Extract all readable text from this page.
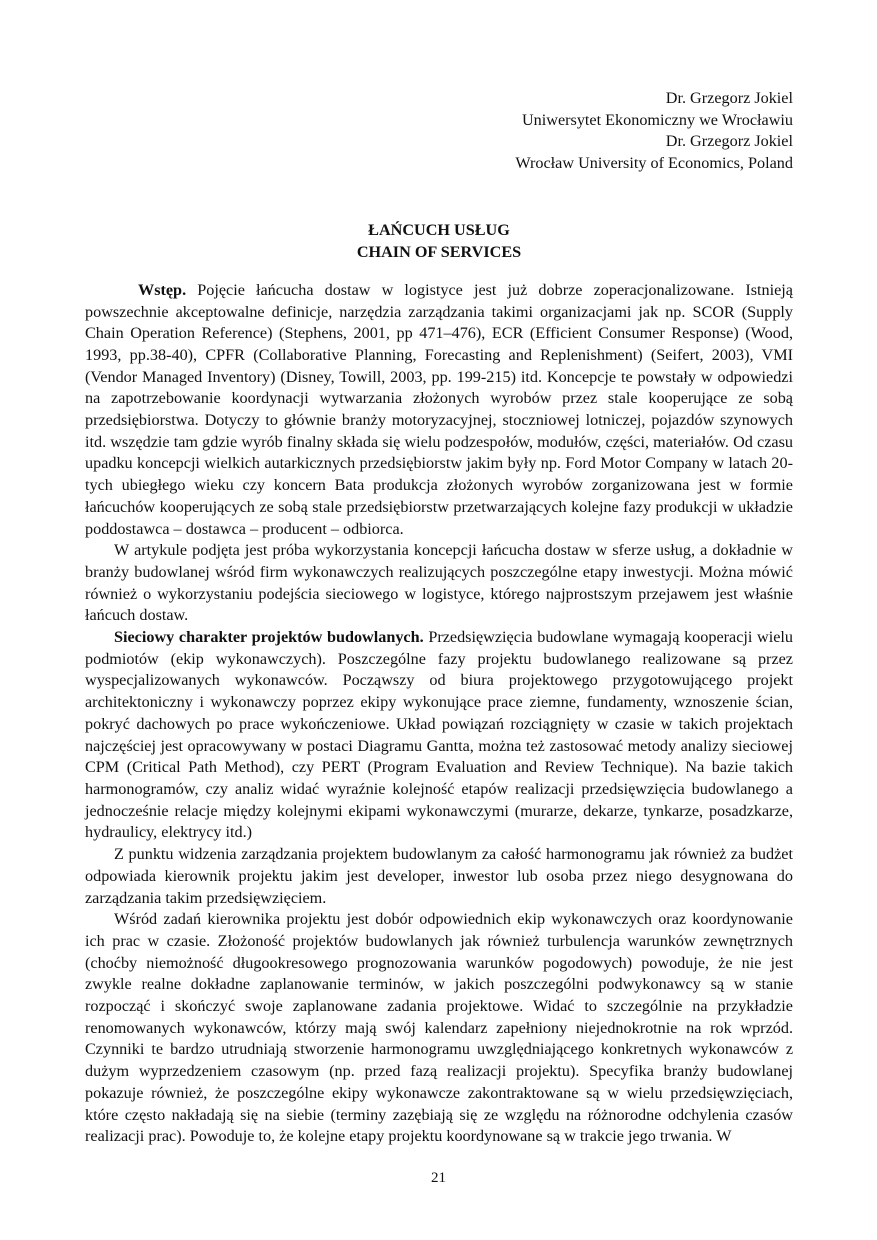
Dr. Grzegorz Jokiel
Uniwersytet Ekonomiczny we Wrocławiu
Dr. Grzegorz Jokiel
Wrocław University of Economics, Poland
ŁAŃCUCH USŁUG
CHAIN OF SERVICES

Wstęp. Pojęcie łańcucha dostaw w logistyce jest już dobrze zoperacjonalizowane. Istnieją powszechnie akceptowalne definicje, narzędzia zarządzania takimi organizacjami jak np. SCOR (Supply Chain Operation Reference) (Stephens, 2001, pp 471–476), ECR (Efficient Consumer Response) (Wood, 1993, pp.38-40), CPFR (Collaborative Planning, Forecasting and Replenishment) (Seifert, 2003), VMI (Vendor Managed Inventory) (Disney, Towill, 2003, pp. 199-215) itd. Koncepcje te powstały w odpowiedzi na zapotrzebowanie koordynacji wytwarzania złożonych wyrobów przez stale kooperujące ze sobą przedsiębiorstwa. Dotyczy to głównie branży motoryzacyjnej, stoczniowej lotniczej, pojazdów szynowych itd. wszędzie tam gdzie wyrób finalny składa się wielu podzespołów, modułów, części, materiałów. Od czasu upadku koncepcji wielkich autarkicznych przedsiębiorstw jakim były np. Ford Motor Company w latach 20-tych ubiegłego wieku czy koncern Bata produkcja złożonych wyrobów zorganizowana jest w formie łańcuchów kooperujących ze sobą stale przedsiębiorstw przetwarzających kolejne fazy produkcji w układzie poddostawca – dostawca – producent – odbiorca.

W artykule podjęta jest próba wykorzystania koncepcji łańcucha dostaw w sferze usług, a dokładnie w branży budowlanej wśród firm wykonawczych realizujących poszczególne etapy inwestycji. Można mówić również o wykorzystaniu podejścia sieciowego w logistyce, którego najprostszym przejawem jest właśnie łańcuch dostaw.

Sieciowy charakter projektów budowlanych. Przedsięwzięcia budowlane wymagają kooperacji wielu podmiotów (ekip wykonawczych). Poszczególne fazy projektu budowlanego realizowane są przez wyspecjalizowanych wykonawców. Począwszy od biura projektowego przygotowującego projekt architektoniczny i wykonawczy poprzez ekipy wykonujące prace ziemne, fundamenty, wznoszenie ścian, pokryć dachowych po prace wykończeniowe. Układ powiązań rozciągnięty w czasie w takich projektach najczęściej jest opracowywany w postaci Diagramu Gantta, można też zastosować metody analizy sieciowej CPM (Critical Path Method), czy PERT (Program Evaluation and Review Technique). Na bazie takich harmonogramów, czy analiz widać wyraźnie kolejność etapów realizacji przedsięwzięcia budowlanego a jednocześnie relacje między kolejnymi ekipami wykonawczymi (murarze, dekarze, tynkarze, posadzkarze, hydraulicy, elektrycy itd.)

Z punktu widzenia zarządzania projektem budowlanym za całość harmonogramu jak również za budżet odpowiada kierownik projektu jakim jest developer, inwestor lub osoba przez niego desygnowana do zarządzania takim przedsięwzięciem.

Wśród zadań kierownika projektu jest dobór odpowiednich ekip wykonawczych oraz koordynowanie ich prac w czasie. Złożoność projektów budowlanych jak również turbulencja warunków zewnętrznych (choćby niemożność długookresowego prognozowania warunków pogodowych) powoduje, że nie jest zwykle realne dokładne zaplanowanie terminów, w jakich poszczególni podwykonawcy są w stanie rozpocząć i skończyć swoje zaplanowane zadania projektowe. Widać to szczególnie na przykładzie renomowanych wykonawców, którzy mają swój kalendarz zapełniony niejednokrotnie na rok wprzód. Czynniki te bardzo utrudniają stworzenie harmonogramu uwzględniającego konkretnych wykonawców z dużym wyprzedzeniem czasowym (np. przed fazą realizacji projektu). Specyfika branży budowlanej pokazuje również, że poszczególne ekipy wykonawcze zakontraktowane są w wielu przedsięwzięciach, które często nakładają się na siebie (terminy zazębiają się ze względu na różnorodne odchylenia czasów realizacji prac). Powoduje to, że kolejne etapy projektu koordynowane są w trakcie jego trwania. W

21
